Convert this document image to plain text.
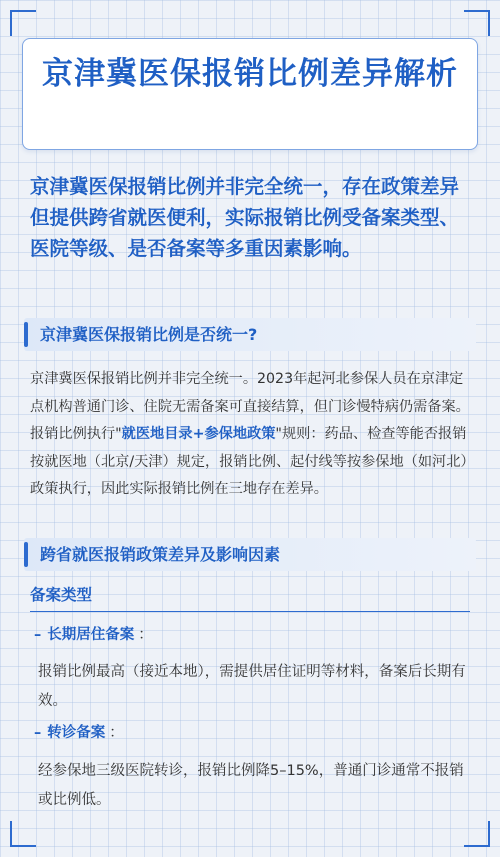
京津冀医保报销比例差异解析
京津冀医保报销比例并非完全统一，存在政策差异但提供跨省就医便利，实际报销比例受备案类型、医院等级、是否备案等多重因素影响。
京津冀医保报销比例是否统一?

京津冀医保报销比例并非完全统一。2023年起河北参保人员在京津定点机构普通门诊、住院无需备案可直接结算，但门诊慢特病仍需备案。报销比例执行"就医地目录+参保地政策"规则：药品、检查等能否报销按就医地（北京/天津）规定，报销比例、起付线等按参保地（如河北）政策执行，因此实际报销比例在三地存在差异。

跨省就医报销政策差异及影响因素
备案类型
– 长期居住备案 ：

报销比例最高（接近本地），需提供居住证明等材料，备案后长期有效。

– 转诊备案 ：

经参保地三级医院转诊，报销比例降5–15%，普通门诊通常不报销或比例低。
